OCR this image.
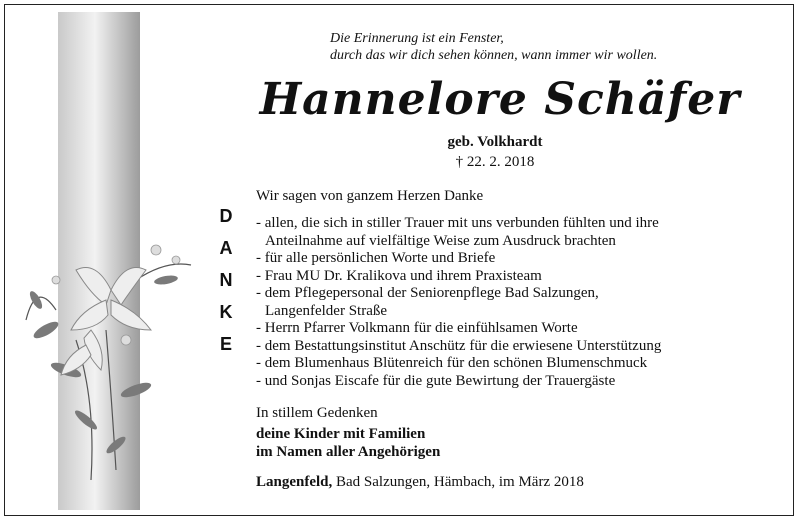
Die Erinnerung ist ein Fenster,
durch das wir dich sehen können, wann immer wir wollen.
Hannelore Schäfer
geb. Volkhardt
† 22. 2. 2018
D
A
N
K
E
Wir sagen von ganzem Herzen Danke
- allen, die sich in stiller Trauer mit uns verbunden fühlten und ihre
Anteilnahme auf vielfältige Weise zum Ausdruck brachten
- für alle persönlichen Worte und Briefe
- Frau MU Dr. Kralikova und ihrem Praxisteam
- dem Pflegepersonal der Seniorenpflege Bad Salzungen,
Langenfelder Straße
- Herrn Pfarrer Volkmann für die einfühlsamen Worte
- dem Bestattungsinstitut Anschütz für die erwiesene Unterstützung
- dem Blumenhaus Blütenreich für den schönen Blumenschmuck
- und Sonjas Eiscafe für die gute Bewirtung der Trauergäste
In stillem Gedenken
deine Kinder mit Familien
im Namen aller Angehörigen
Langenfeld, Bad Salzungen, Hämbach, im März 2018
